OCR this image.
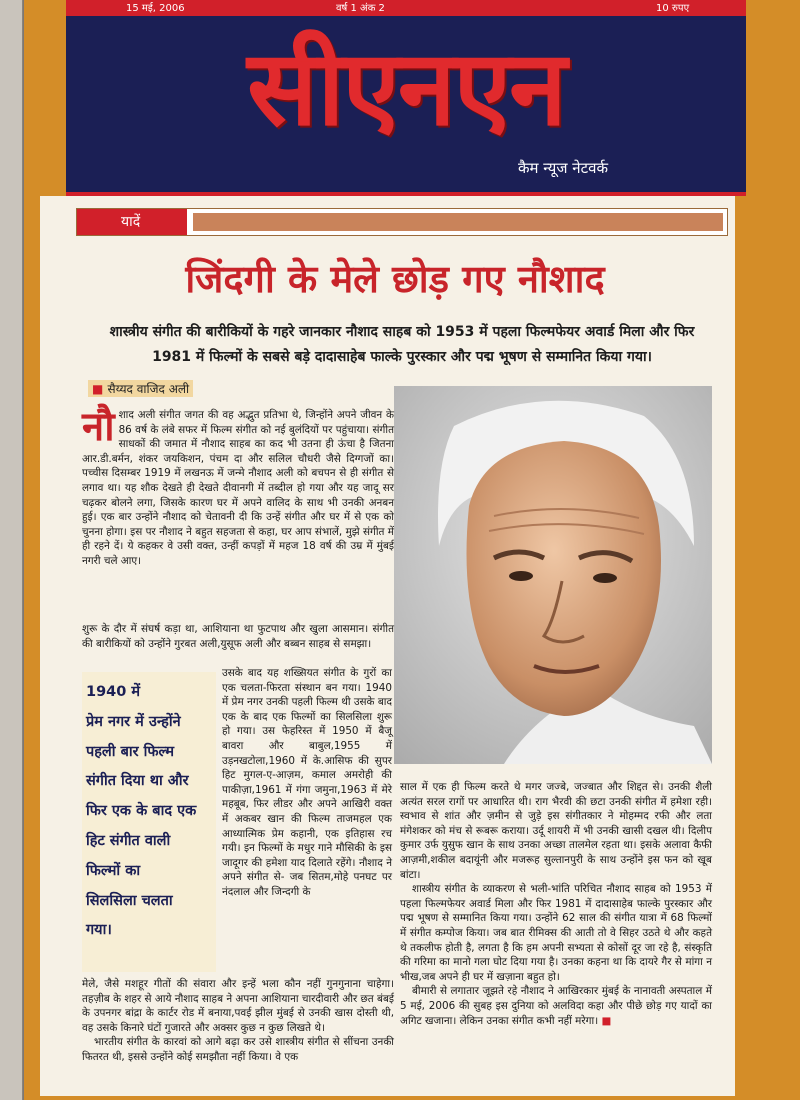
15 मई, 2006	वर्ष 1 अंक 2	10 रुपए
सीएनएन
कैम न्यूज नेटवर्क
यादें
जिंदगी के मेले छोड़ गए नौशाद
शास्त्रीय संगीत की बारीकियों के गहरे जानकार नौशाद साहब को 1953 में पहला फिल्मफेयर अवार्ड मिला और फिर 1981 में फिल्मों के सबसे बड़े दादासाहेब फाल्के पुरस्कार और पद्म भूषण से सम्मानित किया गया।
■ सैय्यद वाजिद अली
नौशाद अली संगीत जगत की वह अद्भुत प्रतिभा थे, जिन्होंने अपने जीवन के 86 वर्ष के लंबे सफर में फिल्म संगीत को नई बुलंदियों पर पहुंचाया। संगीत साधकों की जमात में नौशाद साहब का कद भी उतना ही ऊंचा है जितना आर.डी.बर्मन, शंकर जयकिशन, पंचम दा और सलिल चौधरी जैसे दिग्गजों का। पच्चीस दिसम्बर 1919 में लखनऊ में जन्मे नौशाद अली को बचपन से ही संगीत से लगाव था। यह शौक देखते ही देखते दीवानगी में तब्दील हो गया और यह जादू सर चढ़कर बोलने लगा, जिसके कारण घर में अपने वालिद के साथ भी उनकी अनबन हुई। एक बार उन्होंने नौशाद को चेतावनी दी कि उन्हें संगीत और घर में से एक को चुनना होगा। इस पर नौशाद ने बहुत सहजता से कहा, घर आप संभालें, मुझे संगीत में ही रहने दें। ये कहकर वे उसी वक्त, उन्हीं कपड़ों में महज 18 वर्ष की उम्र में मुंबई नगरी चले आए।
शुरू के दौर में संघर्ष कड़ा था, आशियाना था फुटपाथ और खुला आसमान। संगीत की बारीकियों को उन्होंने गुरबत अली,युसूफ अली और बब्बन साहब से समझा।
1940 में
प्रेम नगर में उन्होंने
पहली बार फिल्म
संगीत दिया था और
फिर एक के बाद एक
हिट संगीत वाली
फिल्मों का
सिलसिला चलता
गया।
उसके बाद यह शख्सियत संगीत के गुरों का एक चलता-फिरता संस्थान बन गया। 1940 में प्रेम नगर उनकी पहली फिल्म थी उसके बाद एक के बाद एक फिल्मों का सिलसिला शुरू हो गया। उस फेहरिस्त में 1950 में बैजू बावरा और बाबुल,1955 में उड़नखटोला,1960 में के.आसिफ की सुपर हिट मुगल-ए-आज़म, कमाल अमरोही की पाकीज़ा,1961 में गंगा जमुना,1963 में मेरे महबूब, फिर लीडर और अपने आखिरी वक्त में अकबर खान की फिल्म ताजमहल एक आध्यात्मिक प्रेम कहानी, एक इतिहास रच गयी। इन फिल्मों के मधुर गाने मौसिकी के इस जादूगर की हमेशा याद दिलाते रहेंगे। नौशाद ने अपने संगीत से- जब सितम,मोहे पनघट पर नंदलाल और जिन्दगी के
मेले, जैसे मशहूर गीतों की संवारा और इन्हें भला कौन नहीं गुनगुनाना चाहेगा। तहज़ीब के शहर से आये नौशाद साहब ने अपना आशियाना चारदीवारी और छत बंबई के उपनगर बांद्रा के कार्टर रोड में बनाया,पवई झील मुंबई से उनकी खास दोस्ती थी, वह उसके किनारे घंटों गुजारते और अक्सर कुछ न कुछ लिखते थे।
भारतीय संगीत के कारवां को आगे बढ़ा कर उसे शास्त्रीय संगीत से सींचना उनकी फितरत थी, इससे उन्होंने कोई समझौता नहीं किया। वे एक
साल में एक ही फिल्म करते थे मगर जज्बे, जज्बात और शिद्दत से। उनकी शैली अत्यंत सरल रागों पर आधारित थी। राग भैरवी की छटा उनकी संगीत में हमेशा रही। स्वभाव से शांत और ज़मीन से जुड़े इस संगीतकार ने मोहम्मद रफी और लता मंगेशकर को मंच से रूबरू कराया। उर्दू शायरी में भी उनकी खासी दखल थी। दिलीप कुमार उर्फ युसुफ खान के साथ उनका अच्छा तालमेल रहता था। इसके अलावा कैफी आज़मी,शकील बदायूंनी और मजरूह सुल्तानपुरी के साथ उन्होंने इस फन को खूब बांटा।
शास्त्रीय संगीत के व्याकरण से भली-भांति परिचित नौशाद साहब को 1953 में पहला फिल्मफेयर अवार्ड मिला और फिर 1981 में दादासाहेब फाल्के पुरस्कार और पद्म भूषण से सम्मानित किया गया। उन्होंने 62 साल की संगीत यात्रा में 68 फिल्मों में संगीत कम्पोज किया। जब बात रीमिक्स की आती तो वे सिहर उठते थे और कहते थे तकलीफ होती है, लगता है कि हम अपनी सभ्यता से कोसों दूर जा रहे है, संस्कृति की गरिमा का मानो गला घोट दिया गया है। उनका कहना था कि दायरे गैर से मांगा न भीख,जब अपने ही घर में खज़ाना बहुत हो।
बीमारी से लगातार जूझते रहे नौशाद ने आखिरकार मुंबई के नानावती अस्पताल में 5 मई, 2006 की सुबह इस दुनिया को अलविदा कहा और पीछे छोड़ गए यादों का अगिट खजाना। लेकिन उनका संगीत कभी नहीं मरेगा। ■
